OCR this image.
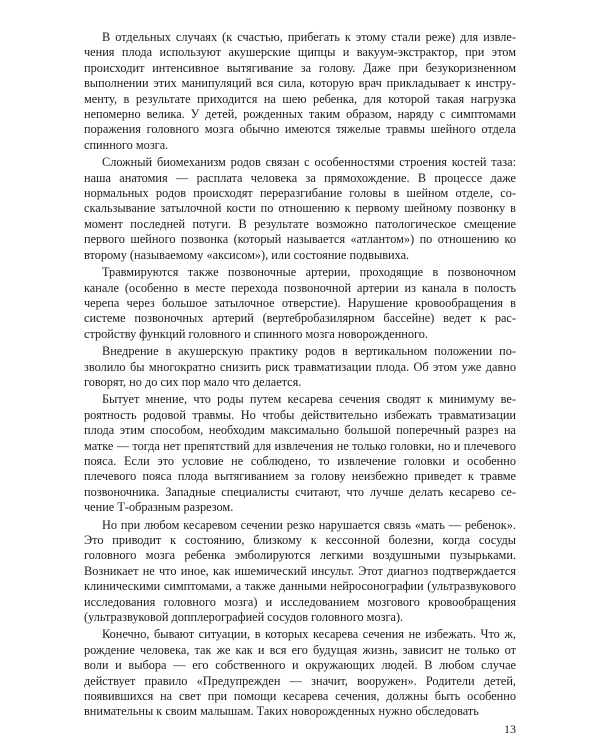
В отдельных случаях (к счастью, прибегать к этому стали реже) для извлечения плода используют акушерские щипцы и вакуум-экстрактор, при этом происходит интенсивное вытягивание за голову. Даже при безукоризненном выполнении этих манипуляций вся сила, которую врач прикладывает к инструменту, в результате приходится на шею ребенка, для которой такая нагрузка непомерно велика. У детей, рожденных таким образом, наряду с симптомами поражения головного мозга обычно имеются тяжелые травмы шейного отдела спинного мозга.

Сложный биомеханизм родов связан с особенностями строения костей таза: наша анатомия — расплата человека за прямохождение. В процессе даже нормальных родов происходят переразгибание головы в шейном отделе, соскальзывание затылочной кости по отношению к первому шейному позвонку в момент последней потуги. В результате возможно патологическое смещение первого шейного позвонка (который называется «атлантом») по отношению ко второму (называемому «аксисом»), или состояние подвывиха.

Травмируются также позвоночные артерии, проходящие в позвоночном канале (особенно в месте перехода позвоночной артерии из канала в полость черепа через большое затылочное отверстие). Нарушение кровообращения в системе позвоночных артерий (вертебробазилярном бассейне) ведет к расстройству функций головного и спинного мозга новорожденного.

Внедрение в акушерскую практику родов в вертикальном положении позволило бы многократно снизить риск травматизации плода. Об этом уже давно говорят, но до сих пор мало что делается.

Бытует мнение, что роды путем кесарева сечения сводят к минимуму вероятность родовой травмы. Но чтобы действительно избежать травматизации плода этим способом, необходим максимально большой поперечный разрез на матке — тогда нет препятствий для извлечения не только головки, но и плечевого пояса. Если это условие не соблюдено, то извлечение головки и особенно плечевого пояса плода вытягиванием за голову неизбежно приведет к травме позвоночника. Западные специалисты считают, что лучше делать кесарево сечение Т-образным разрезом.

Но при любом кесаревом сечении резко нарушается связь «мать — ребенок». Это приводит к состоянию, близкому к кессонной болезни, когда сосуды головного мозга ребенка эмболируются легкими воздушными пузырьками. Возникает не что иное, как ишемический инсульт. Этот диагноз подтверждается клиническими симптомами, а также данными нейросонографии (ультразвукового исследования головного мозга) и исследованием мозгового кровообращения (ультразвуковой допплерографией сосудов головного мозга).

Конечно, бывают ситуации, в которых кесарева сечения не избежать. Что ж, рождение человека, так же как и вся его будущая жизнь, зависит не только от воли и выбора — его собственного и окружающих людей. В любом случае действует правило «Предупрежден — значит, вооружен». Родители детей, появившихся на свет при помощи кесарева сечения, должны быть особенно внимательны к своим малышам. Таких новорожденных нужно обследовать

13
